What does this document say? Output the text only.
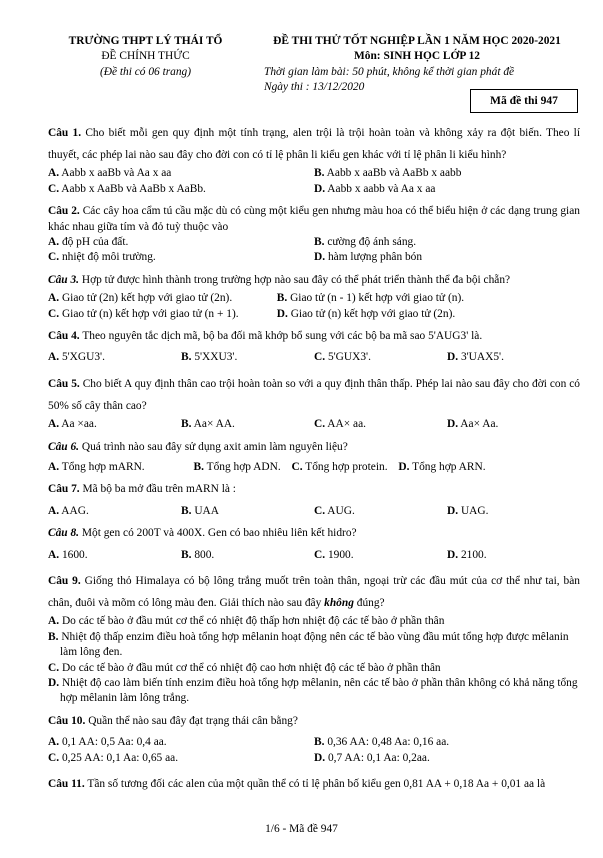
TRƯỜNG THPT LÝ THÁI TỔ
ĐỀ CHÍNH THỨC
(Đề thi có 06 trang)
ĐỀ THI THỬ TỐT NGHIỆP LẦN 1 NĂM HỌC 2020-2021
Môn: SINH HỌC LỚP 12
Thời gian làm bài: 50 phút, không kể thời gian phát đề
Ngày thi : 13/12/2020
Mã đề thi 947
Câu 1. Cho biết mỗi gen quy định một tính trạng, alen trội là trội hoàn toàn và không xảy ra đột biến. Theo lí thuyết, các phép lai nào sau đây cho đời con có tỉ lệ phân li kiểu gen khác với tỉ lệ phân li kiểu hình?
A. Aabb x aaBb và Aa x aa	B. Aabb x aaBb và AaBb x aabb
C. Aabb x AaBb và AaBb x AaBb.	D. Aabb x aabb và Aa x aa
Câu 2. Các cây hoa cẩm tú cầu mặc dù có cùng một kiểu gen nhưng màu hoa có thể biểu hiện ở các dạng trung gian khác nhau giữa tím và đỏ tuỳ thuộc vào
A. độ pH của đất.	B. cường độ ánh sáng.
C. nhiệt độ môi trường.	D. hàm lượng phân bón
Câu 3. Hợp tử được hình thành trong trường hợp nào sau đây có thể phát triển thành thể đa bội chẵn?
A. Giao tử (2n) kết hợp với giao tử (2n).	B. Giao tử (n - 1) kết hợp với giao tử (n).
C. Giao tử (n) kết hợp với giao tử (n + 1).	D. Giao tử (n) kết hợp với giao tử (2n).
Câu 4. Theo nguyên tắc dịch mã, bộ ba đối mã khớp bổ sung với các bộ ba mã sao 5'AUG3' là.
A. 5'XGU3'.	B. 5'XXU3'.	C. 5'GUX3'.	D. 3'UAX5'.
Câu 5. Cho biết A quy định thân cao trội hoàn toàn so với a quy định thân thấp. Phép lai nào sau đây cho đời con có 50% số cây thân cao?
A. Aa ×aa.	B. Aa× AA.	C. AA× aa.	D. Aa× Aa.
Câu 6. Quá trình nào sau đây sử dụng axit amin làm nguyên liệu?
A. Tổng hợp mARN.	B. Tổng hợp ADN. C. Tổng hợp protein. D. Tổng hợp ARN.
Câu 7. Mã bộ ba mở đầu trên mARN là :
A. AAG.	B. UAA	C. AUG.	D. UAG.
Câu 8. Một gen có 200T và 400X. Gen có bao nhiêu liên kết hidro?
A. 1600.	B. 800.	C. 1900.	D. 2100.
Câu 9. Giống thỏ Himalaya có bộ lông trắng muốt trên toàn thân, ngoại trừ các đầu mút của cơ thể như tai, bàn chân, đuôi và mõm có lông màu đen. Giải thích nào sau đây không đúng?
A. Do các tế bào ở đầu mút cơ thể có nhiệt độ thấp hơn nhiệt độ các tế bào ở phần thân
B. Nhiệt độ thấp enzim điều hoà tổng hợp mêlanin hoạt động nên các tế bào vùng đầu mút tổng hợp được mêlanin làm lông đen.
C. Do các tế bào ở đầu mút cơ thể có nhiệt độ cao hơn nhiệt độ các tế bào ở phần thân
D. Nhiệt độ cao làm biến tính enzim điều hoà tổng hợp mêlanin, nên các tế bào ở phần thân không có khả năng tổng hợp mêlanin làm lông trắng.
Câu 10. Quần thể nào sau đây đạt trạng thái cân bằng?
A. 0,1 AA: 0,5 Aa: 0,4 aa.	B. 0,36 AA: 0,48 Aa: 0,16 aa.
C. 0,25 AA: 0,1 Aa: 0,65 aa.	D. 0,7 AA: 0,1 Aa: 0,2aa.
Câu 11. Tần số tương đối các alen của một quần thể có tỉ lệ phân bố kiểu gen 0,81 AA + 0,18 Aa + 0,01 aa là
1/6 - Mã đề 947
